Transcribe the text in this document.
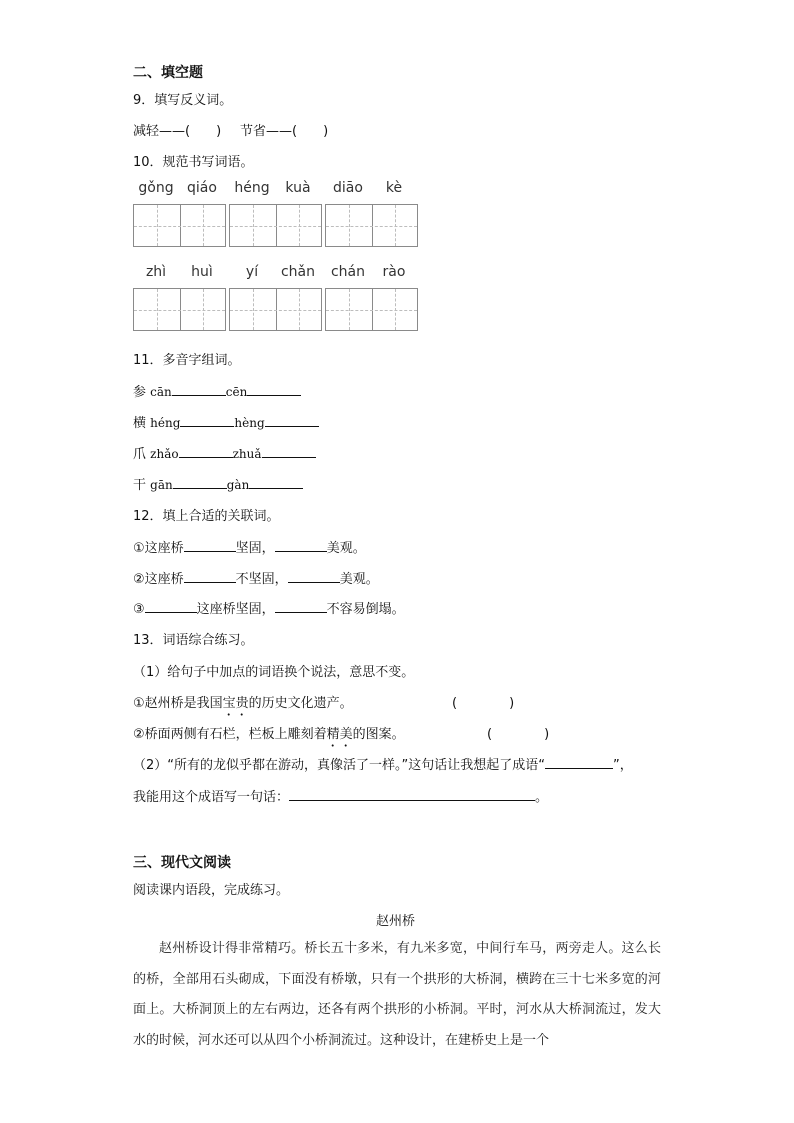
二、填空题
9．填写反义词。
减轻——(　　) 节省——(　　)
10．规范书写词语。
gǒng qiáo	héng	kuà	diāo	kè
zhì	huì	yí	chǎn	chán	rào
11．多音字组词。
参 cān	cēn
横 héng	hèng
爪 zhǎo	zhuǎ
干 gān	gàn
12．填上合适的关联词。
①这座桥	坚固，	美观。
②这座桥	不坚固，	美观。
③	这座桥坚固，	不容易倒塌。
13．词语综合练习。
（1）给句子中加点的词语换个说法，意思不变。
①赵州桥是我国宝贵的历史文化遗产。	(　　　　)
②桥面两侧有石栏，栏板上雕刻着精美的图案。	(　　　　)
（2）“所有的龙似乎都在游动，真像活了一样。”这句话让我想起了成语“	”，
我能用这个成语写一句话：	。
三、现代文阅读
阅读课内语段，完成练习。
赵州桥
赵州桥设计得非常精巧。桥长五十多米，有九米多宽，中间行车马，两旁走人。这么长的桥，全部用石头砌成，下面没有桥墩，只有一个拱形的大桥洞，横跨在三十七米多宽的河面上。大桥洞顶上的左右两边，还各有两个拱形的小桥洞。平时，河水从大桥洞流过，发大水的时候，河水还可以从四个小桥洞流过。这种设计，在建桥史上是一个
